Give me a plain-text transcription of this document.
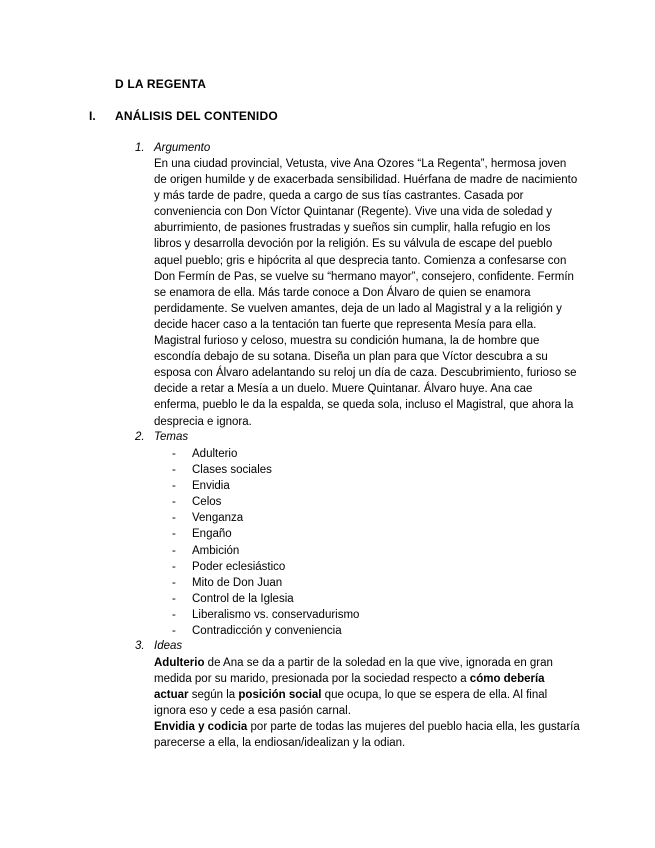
D LA REGENTA
I. ANÁLISIS DEL CONTENIDO
1. Argumento

En una ciudad provincial, Vetusta, vive Ana Ozores “La Regenta”, hermosa joven de origen humilde y de exacerbada sensibilidad. Huérfana de madre de nacimiento y más tarde de padre, queda a cargo de sus tías castrantes. Casada por conveniencia con Don Víctor Quintanar (Regente). Vive una vida de soledad y aburrimiento, de pasiones frustradas y sueños sin cumplir, halla refugio en los libros y desarrolla devoción por la religión. Es su válvula de escape del pueblo aquel pueblo; gris e hipócrita al que desprecia tanto. Comienza a confesarse con Don Fermín de Pas, se vuelve su “hermano mayor”, consejero, confidente. Fermín se enamora de ella. Más tarde conoce a Don Álvaro de quien se enamora perdidamente. Se vuelven amantes, deja de un lado al Magistral y a la religión y decide hacer caso a la tentación tan fuerte que representa Mesía para ella. Magistral furioso y celoso, muestra su condición humana, la de hombre que escondía debajo de su sotana. Diseña un plan para que Víctor descubra a su esposa con Álvaro adelantando su reloj un día de caza. Descubrimiento, furioso se decide a retar a Mesía a un duelo. Muere Quintanar. Álvaro huye. Ana cae enferma, pueblo le da la espalda, se queda sola, incluso el Magistral, que ahora la desprecia e ignora.

2. Temas
- Adulterio
- Clases sociales
- Envidia
- Celos
- Venganza
- Engaño
- Ambición
- Poder eclesiástico
- Mito de Don Juan
- Control de la Iglesia
- Liberalismo vs. conservadurismo
- Contradicción y conveniencia
3. Ideas

Adulterio de Ana se da a partir de la soledad en la que vive, ignorada en gran medida por su marido, presionada por la sociedad respecto a cómo debería actuar según la posición social que ocupa, lo que se espera de ella. Al final ignora eso y cede a esa pasión carnal.

Envidia y codicia por parte de todas las mujeres del pueblo hacia ella, les gustaría parecerse a ella, la endiosan/idealizan y la odian.
